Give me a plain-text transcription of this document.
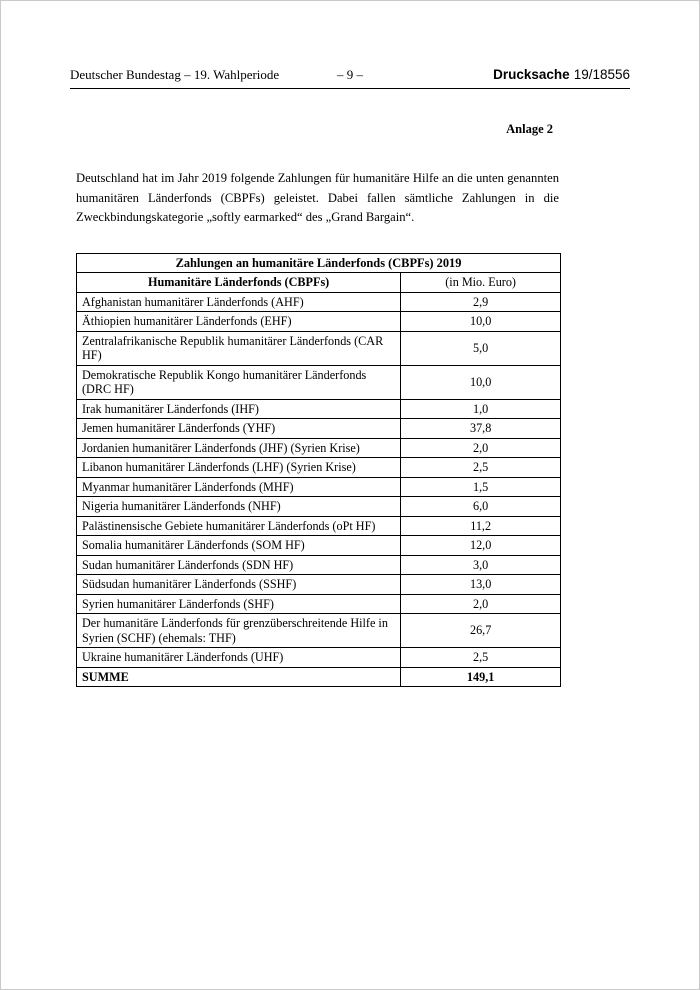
Deutscher Bundestag – 19. Wahlperiode	– 9 –	Drucksache 19/18556
Anlage 2

Deutschland hat im Jahr 2019 folgende Zahlungen für humanitäre Hilfe an die unten genannten humanitären Länderfonds (CBPFs) geleistet. Dabei fallen sämtliche Zahlungen in die Zweckbindungskategorie „softly earmarked“ des „Grand Bargain“.

Zahlungen an humanitäre Länderfonds (CBPFs) 2019	
Humanitäre Länderfonds (CBPFs)	(in Mio. Euro)
Afghanistan humanitärer Länderfonds (AHF)	2,9
Äthiopien humanitärer Länderfonds (EHF)	10,0
Zentralafrikanische Republik humanitärer Länderfonds (CAR HF)	5,0
Demokratische Republik Kongo humanitärer Länderfonds (DRC HF)	10,0
Irak humanitärer Länderfonds (IHF)	1,0
Jemen humanitärer Länderfonds (YHF)	37,8
Jordanien humanitärer Länderfonds (JHF) (Syrien Krise)	2,0
Libanon humanitärer Länderfonds (LHF) (Syrien Krise)	2,5
Myanmar humanitärer Länderfonds (MHF)	1,5
Nigeria humanitärer Länderfonds (NHF)	6,0
Palästinensische Gebiete humanitärer Länderfonds (oPt HF)	11,2
Somalia humanitärer Länderfonds (SOM HF)	12,0
Sudan humanitärer Länderfonds (SDN HF)	3,0
Südsudan humanitärer Länderfonds (SSHF)	13,0
Syrien humanitärer Länderfonds (SHF)	2,0
Der humanitäre Länderfonds für grenzüberschreitende Hilfe in Syrien (SCHF) (ehemals: THF)	26,7
Ukraine humanitärer Länderfonds (UHF)	2,5
SUMME	149,1
